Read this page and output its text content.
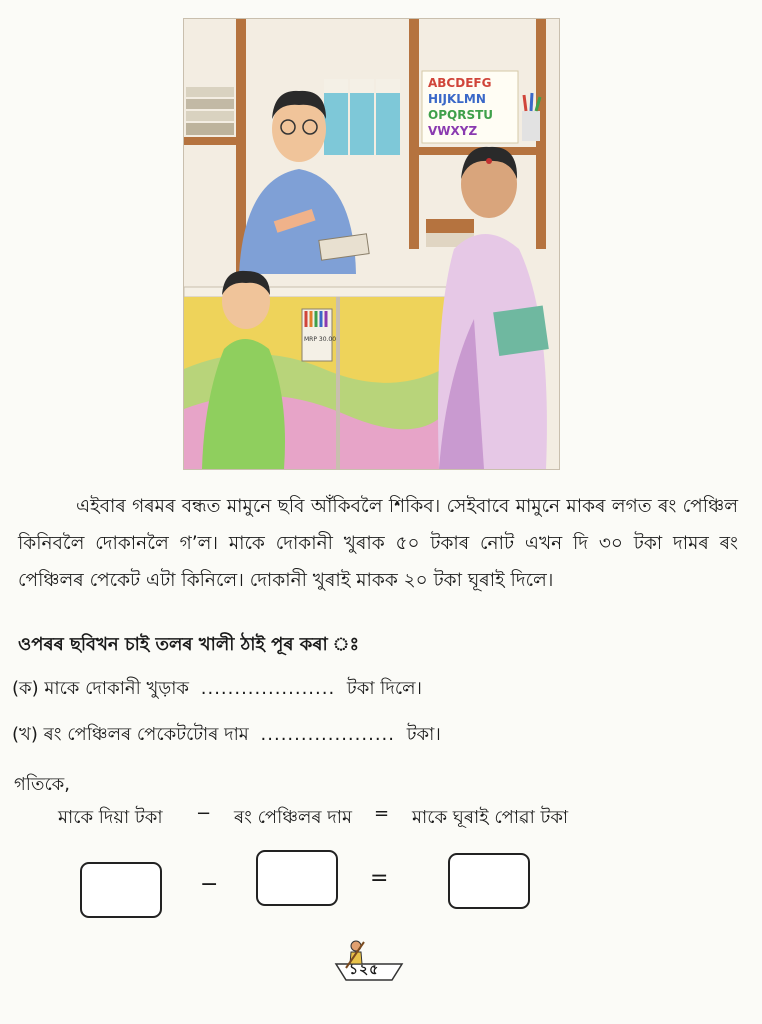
ABCDEFG
HIJKLMN
OPQRSTU
VWXYZ
MRP 30.00
এইবাৰ গৰমৰ বন্ধত মামুনে ছবি আঁকিবলৈ শিকিব। সেইবাবে মামুনে মাকৰ লগত ৰং পেঞ্চিল কিনিবলৈ দোকানলৈ গ’ল। মাকে দোকানী খুৰাক ৫০ টকাৰ নোট এখন দি ৩০ টকা দামৰ ৰং পেঞ্চিলৰ পেকেট এটা কিনিলে। দোকানী খুৰাই মাকক ২০ টকা ঘূৰাই দিলে।
ওপৰৰ ছবিখন চাই তলৰ খালী ঠাই পূৰ কৰা ঃ
(ক) মাকে দোকানী খুড়াক .................... টকা দিলে।
(খ) ৰং পেঞ্চিলৰ পেকেটটোৰ দাম .................... টকা।
গতিকে,
মাকে দিয়া টকা − ৰং পেঞ্চিলৰ দাম = মাকে ঘূৰাই পোৱা টকা
−	=
১২৫
